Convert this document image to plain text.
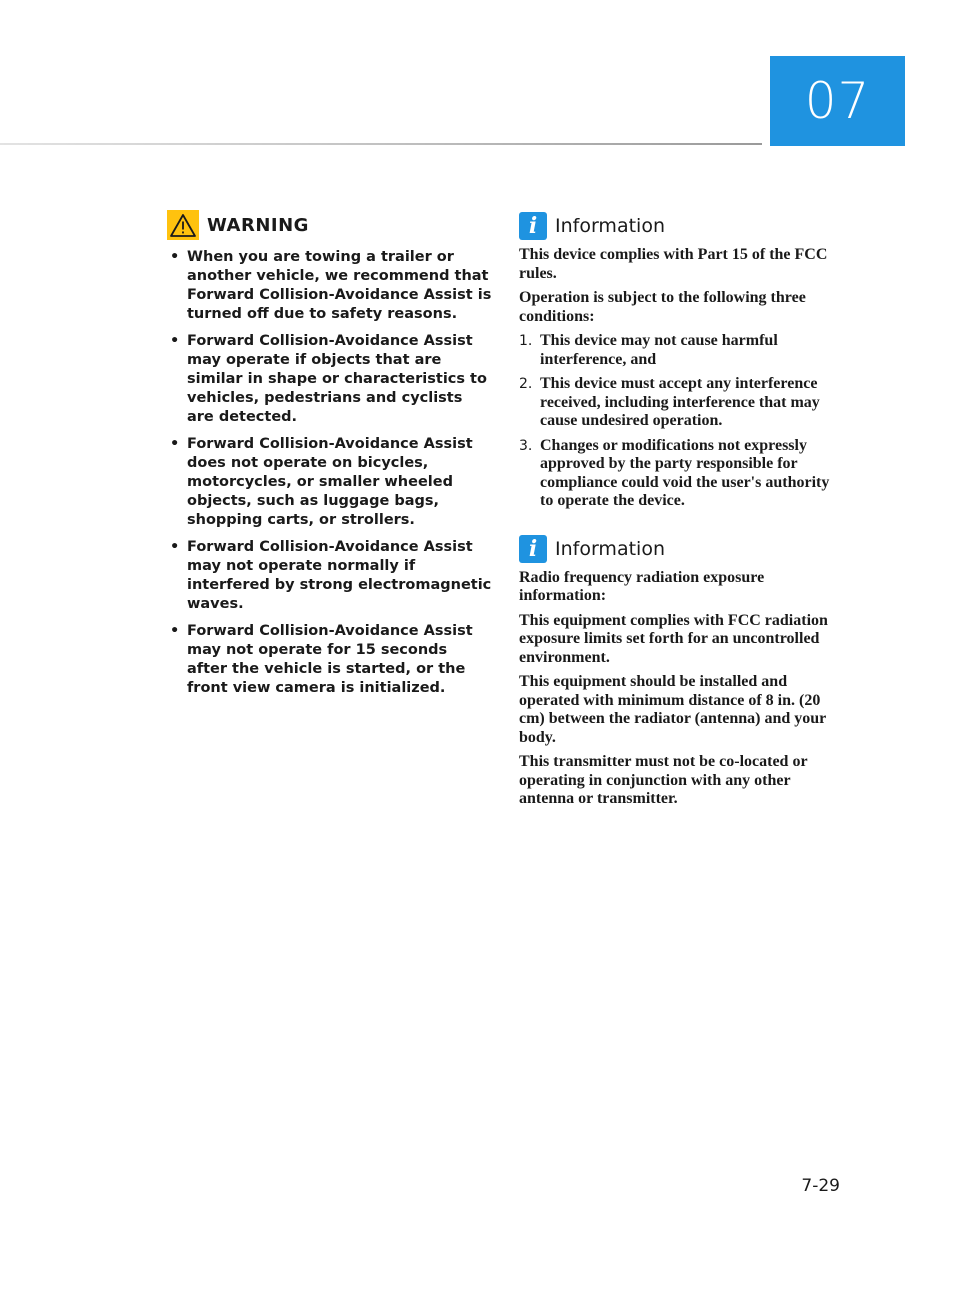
07
WARNING
• When you are towing a trailer or another vehicle, we recommend that Forward Collision-Avoidance Assist is turned off due to safety reasons.
• Forward Collision-Avoidance Assist may operate if objects that are similar in shape or characteristics to vehicles, pedestrians and cyclists are detected.
• Forward Collision-Avoidance Assist does not operate on bicycles, motorcycles, or smaller wheeled objects, such as luggage bags, shopping carts, or strollers.
• Forward Collision-Avoidance Assist may not operate normally if interfered by strong electromagnetic waves.
• Forward Collision-Avoidance Assist may not operate for 15 seconds after the vehicle is started, or the front view camera is initialized.
i Information

This device complies with Part 15 of the FCC rules.

Operation is subject to the following three conditions:

1. This device may not cause harmful interference, and
2. This device must accept any interference received, including interference that may cause undesired operation.
3. Changes or modifications not expressly approved by the party responsible for compliance could void the user's authority to operate the device.
i Information

Radio frequency radiation exposure information:

This equipment complies with FCC radiation exposure limits set forth for an uncontrolled environment.

This equipment should be installed and operated with minimum distance of 8 in. (20 cm) between the radiator (antenna) and your body.

This transmitter must not be co-located or operating in conjunction with any other antenna or transmitter.

7-29
